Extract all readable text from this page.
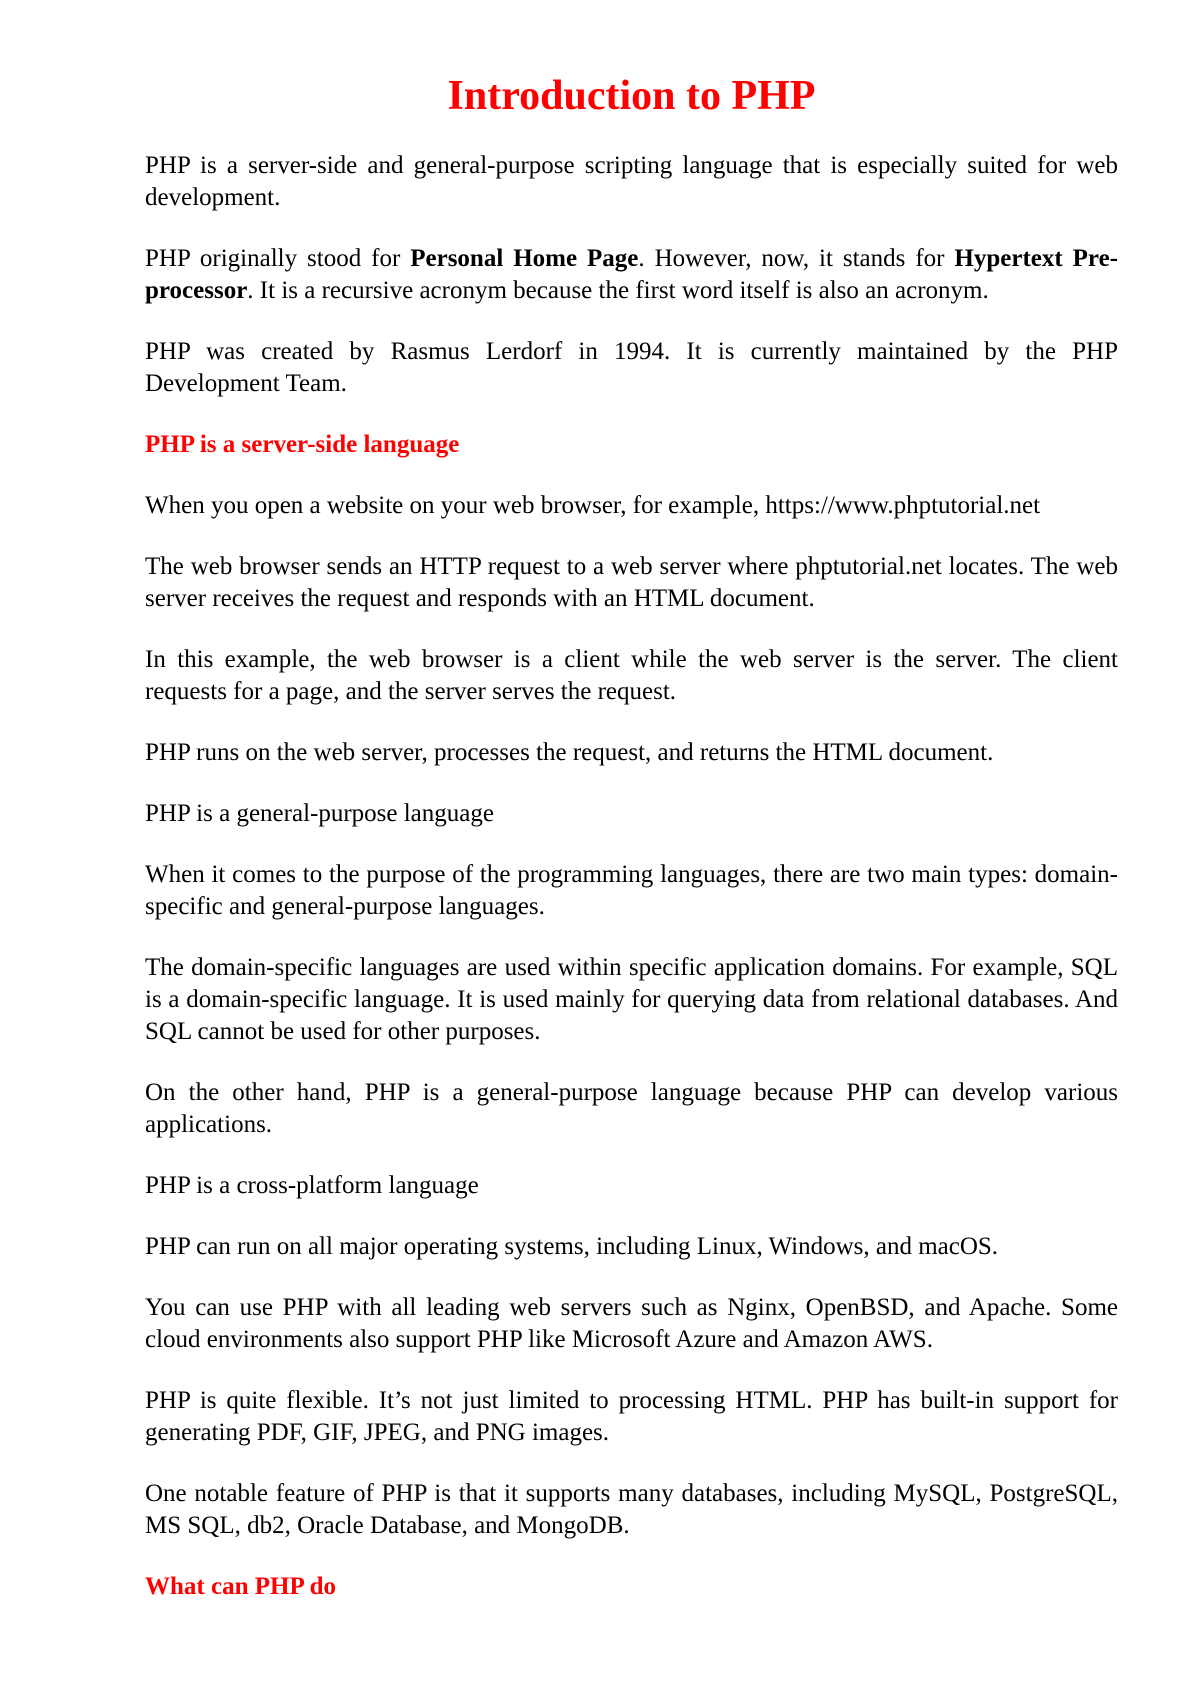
Introduction to PHP

PHP is a server-side and general-purpose scripting language that is especially suited for web development.

PHP originally stood for Personal Home Page. However, now, it stands for Hypertext Pre-processor. It is a recursive acronym because the first word itself is also an acronym.

PHP was created by Rasmus Lerdorf in 1994. It is currently maintained by the PHP Development Team.

PHP is a server-side language

When you open a website on your web browser, for example, https://www.phptutorial.net

The web browser sends an HTTP request to a web server where phptutorial.net locates. The web server receives the request and responds with an HTML document.

In this example, the web browser is a client while the web server is the server. The client requests for a page, and the server serves the request.

PHP runs on the web server, processes the request, and returns the HTML document.

PHP is a general-purpose language

When it comes to the purpose of the programming languages, there are two main types: domain-specific and general-purpose languages.

The domain-specific languages are used within specific application domains. For example, SQL is a domain-specific language. It is used mainly for querying data from relational databases. And SQL cannot be used for other purposes.

On the other hand, PHP is a general-purpose language because PHP can develop various applications.

PHP is a cross-platform language

PHP can run on all major operating systems, including Linux, Windows, and macOS.

You can use PHP with all leading web servers such as Nginx, OpenBSD, and Apache. Some cloud environments also support PHP like Microsoft Azure and Amazon AWS.

PHP is quite flexible. It’s not just limited to processing HTML. PHP has built-in support for generating PDF, GIF, JPEG, and PNG images.

One notable feature of PHP is that it supports many databases, including MySQL, PostgreSQL, MS SQL, db2, Oracle Database, and MongoDB.

What can PHP do
